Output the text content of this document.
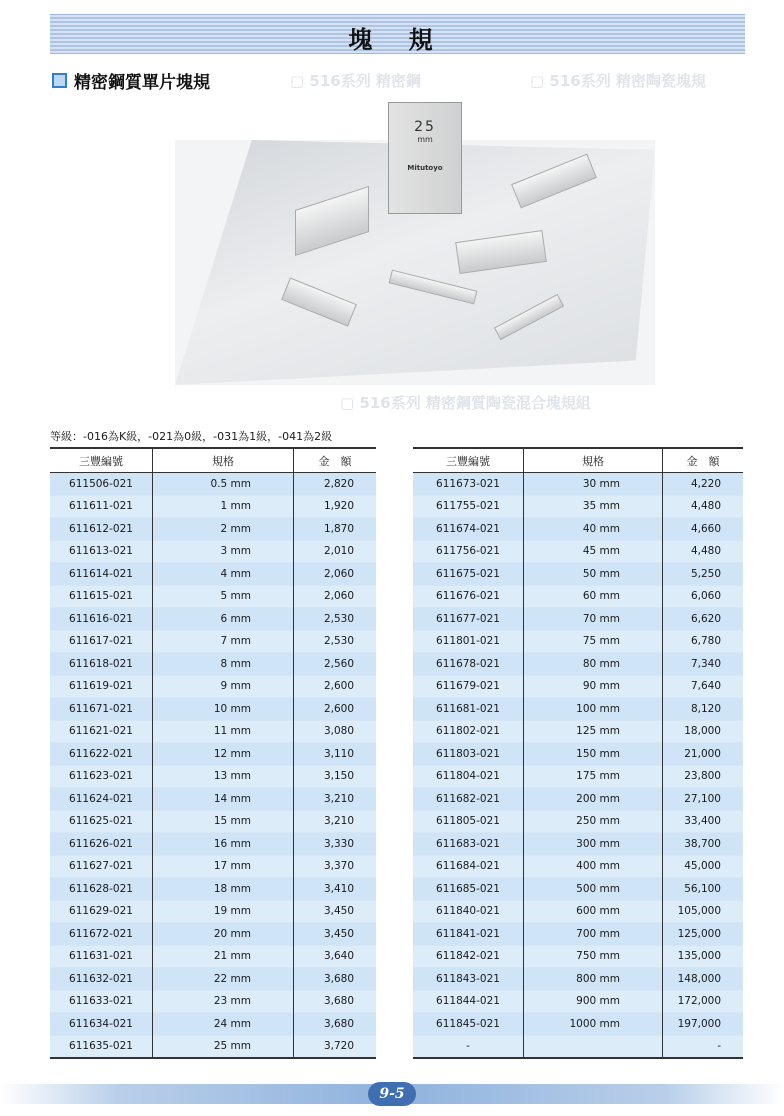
塊 規
▢ 516系列 精密鋼	▢ 516系列 精密陶瓷塊規
▢ 516系列 精密鋼質陶瓷混合塊規組
精密鋼質單片塊規
25
mm
Mitutoyo
等級：-016為K級，-021為0級，-031為1級，-041為2級
三豐編號	規格	金　額
611506-021	0.5 mm	2,820
611611-021	1 mm	1,920
611612-021	2 mm	1,870
611613-021	3 mm	2,010
611614-021	4 mm	2,060
611615-021	5 mm	2,060
611616-021	6 mm	2,530
611617-021	7 mm	2,530
611618-021	8 mm	2,560
611619-021	9 mm	2,600
611671-021	10 mm	2,600
611621-021	11 mm	3,080
611622-021	12 mm	3,110
611623-021	13 mm	3,150
611624-021	14 mm	3,210
611625-021	15 mm	3,210
611626-021	16 mm	3,330
611627-021	17 mm	3,370
611628-021	18 mm	3,410
611629-021	19 mm	3,450
611672-021	20 mm	3,450
611631-021	21 mm	3,640
611632-021	22 mm	3,680
611633-021	23 mm	3,680
611634-021	24 mm	3,680
611635-021	25 mm	3,720
三豐編號	規格	金　額
611673-021	30 mm	4,220
611755-021	35 mm	4,480
611674-021	40 mm	4,660
611756-021	45 mm	4,480
611675-021	50 mm	5,250
611676-021	60 mm	6,060
611677-021	70 mm	6,620
611801-021	75 mm	6,780
611678-021	80 mm	7,340
611679-021	90 mm	7,640
611681-021	100 mm	8,120
611802-021	125 mm	18,000
611803-021	150 mm	21,000
611804-021	175 mm	23,800
611682-021	200 mm	27,100
611805-021	250 mm	33,400
611683-021	300 mm	38,700
611684-021	400 mm	45,000
611685-021	500 mm	56,100
611840-021	600 mm	105,000
611841-021	700 mm	125,000
611842-021	750 mm	135,000
611843-021	800 mm	148,000
611844-021	900 mm	172,000
611845-021	1000 mm	197,000
-		-
9-5
